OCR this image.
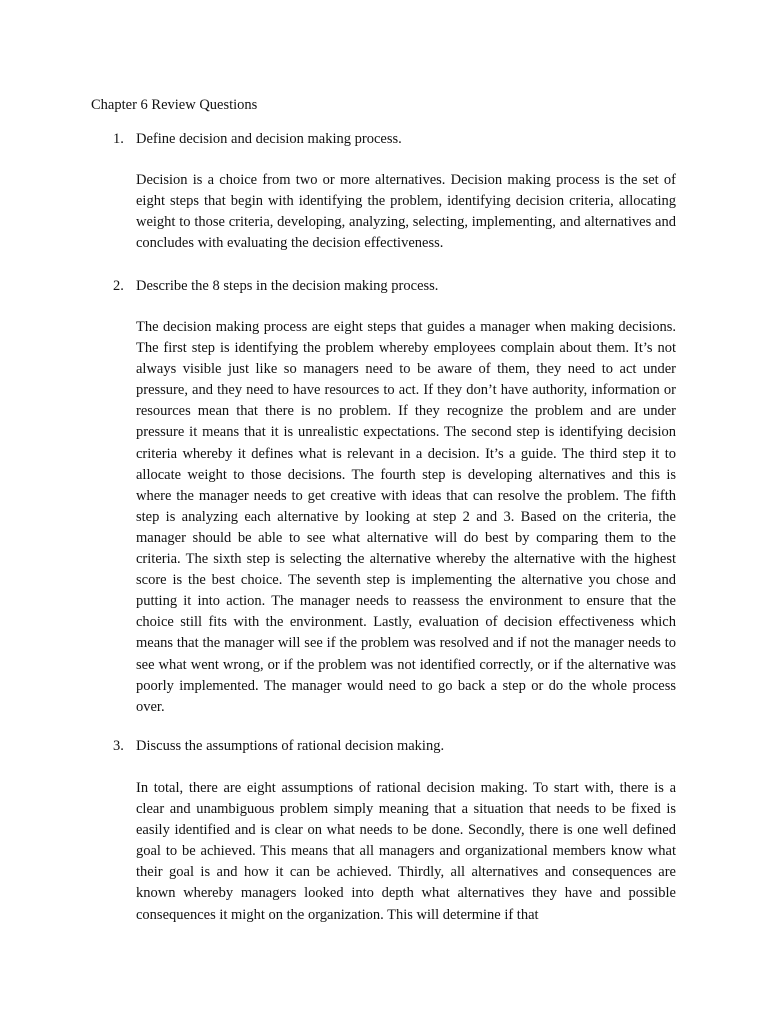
Chapter 6 Review Questions
1. Define decision and decision making process.

Decision is a choice from two or more alternatives. Decision making process is the set of eight steps that begin with identifying the problem, identifying decision criteria, allocating weight to those criteria, developing, analyzing, selecting, implementing, and alternatives and concludes with evaluating the decision effectiveness.

2. Describe the 8 steps in the decision making process.

The decision making process are eight steps that guides a manager when making decisions. The first step is identifying the problem whereby employees complain about them. It’s not always visible just like so managers need to be aware of them, they need to act under pressure, and they need to have resources to act. If they don’t have authority, information or resources mean that there is no problem. If they recognize the problem and are under pressure it means that it is unrealistic expectations. The second step is identifying decision criteria whereby it defines what is relevant in a decision. It’s a guide. The third step it to allocate weight to those decisions. The fourth step is developing alternatives and this is where the manager needs to get creative with ideas that can resolve the problem. The fifth step is analyzing each alternative by looking at step 2 and 3. Based on the criteria, the manager should be able to see what alternative will do best by comparing them to the criteria. The sixth step is selecting the alternative whereby the alternative with the highest score is the best choice. The seventh step is implementing the alternative you chose and putting it into action. The manager needs to reassess the environment to ensure that the choice still fits with the environment. Lastly, evaluation of decision effectiveness which means that the manager will see if the problem was resolved and if not the manager needs to see what went wrong, or if the problem was not identified correctly, or if the alternative was poorly implemented. The manager would need to go back a step or do the whole process over.

3. Discuss the assumptions of rational decision making.

In total, there are eight assumptions of rational decision making. To start with, there is a clear and unambiguous problem simply meaning that a situation that needs to be fixed is easily identified and is clear on what needs to be done. Secondly, there is one well defined goal to be achieved. This means that all managers and organizational members know what their goal is and how it can be achieved. Thirdly, all alternatives and consequences are known whereby managers looked into depth what alternatives they have and possible consequences it might on the organization. This will determine if that
